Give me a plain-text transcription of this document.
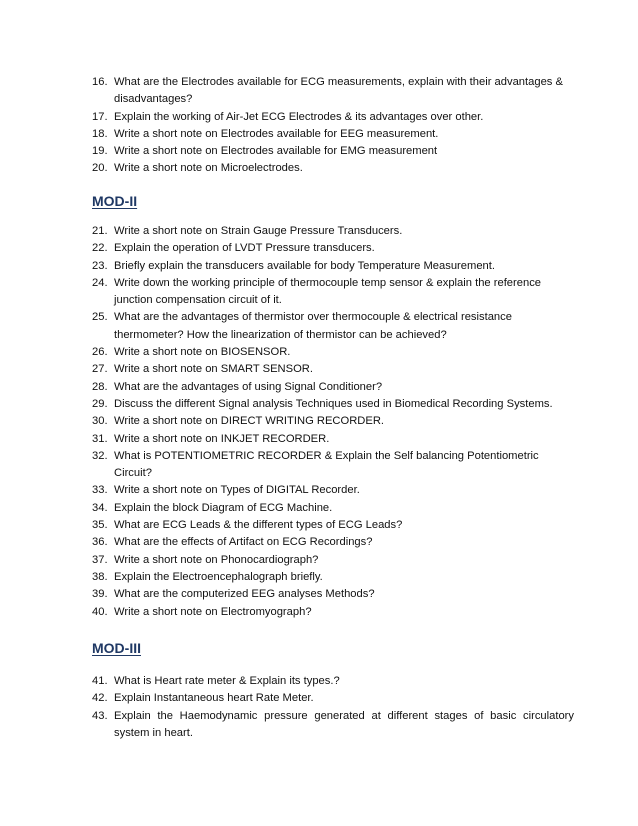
16. What are the Electrodes available for ECG measurements, explain with their advantages & disadvantages?
17. Explain the working of Air-Jet ECG Electrodes & its advantages over other.
18. Write a short note on Electrodes available for EEG measurement.
19. Write a short note on Electrodes available for EMG measurement
20. Write a short note on Microelectrodes.
MOD-II
21. Write a short note on Strain Gauge Pressure Transducers.
22. Explain the operation of LVDT Pressure transducers.
23. Briefly explain the transducers available for body Temperature Measurement.
24. Write down the working principle of thermocouple temp sensor & explain the reference junction compensation circuit of it.
25. What are the advantages of thermistor over thermocouple & electrical resistance thermometer? How the linearization of thermistor can be achieved?
26. Write a short note on BIOSENSOR.
27. Write a short note on SMART SENSOR.
28. What are the advantages of using Signal Conditioner?
29. Discuss the different Signal analysis Techniques used in Biomedical Recording Systems.
30. Write a short note on DIRECT WRITING RECORDER.
31. Write a short note on INKJET RECORDER.
32. What is POTENTIOMETRIC RECORDER & Explain the Self balancing Potentiometric Circuit?
33. Write a short note on Types of DIGITAL Recorder.
34. Explain the block Diagram of ECG Machine.
35. What are ECG Leads & the different types of ECG Leads?
36. What are the effects of Artifact on ECG Recordings?
37. Write a short note on Phonocardiograph?
38. Explain the Electroencephalograph briefly.
39. What are the computerized EEG analyses Methods?
40. Write a short note on Electromyograph?
MOD-III
41. What is Heart rate meter & Explain its types.?
42. Explain Instantaneous heart Rate Meter.
43. Explain the Haemodynamic pressure generated at different stages of basic circulatory system in heart.
